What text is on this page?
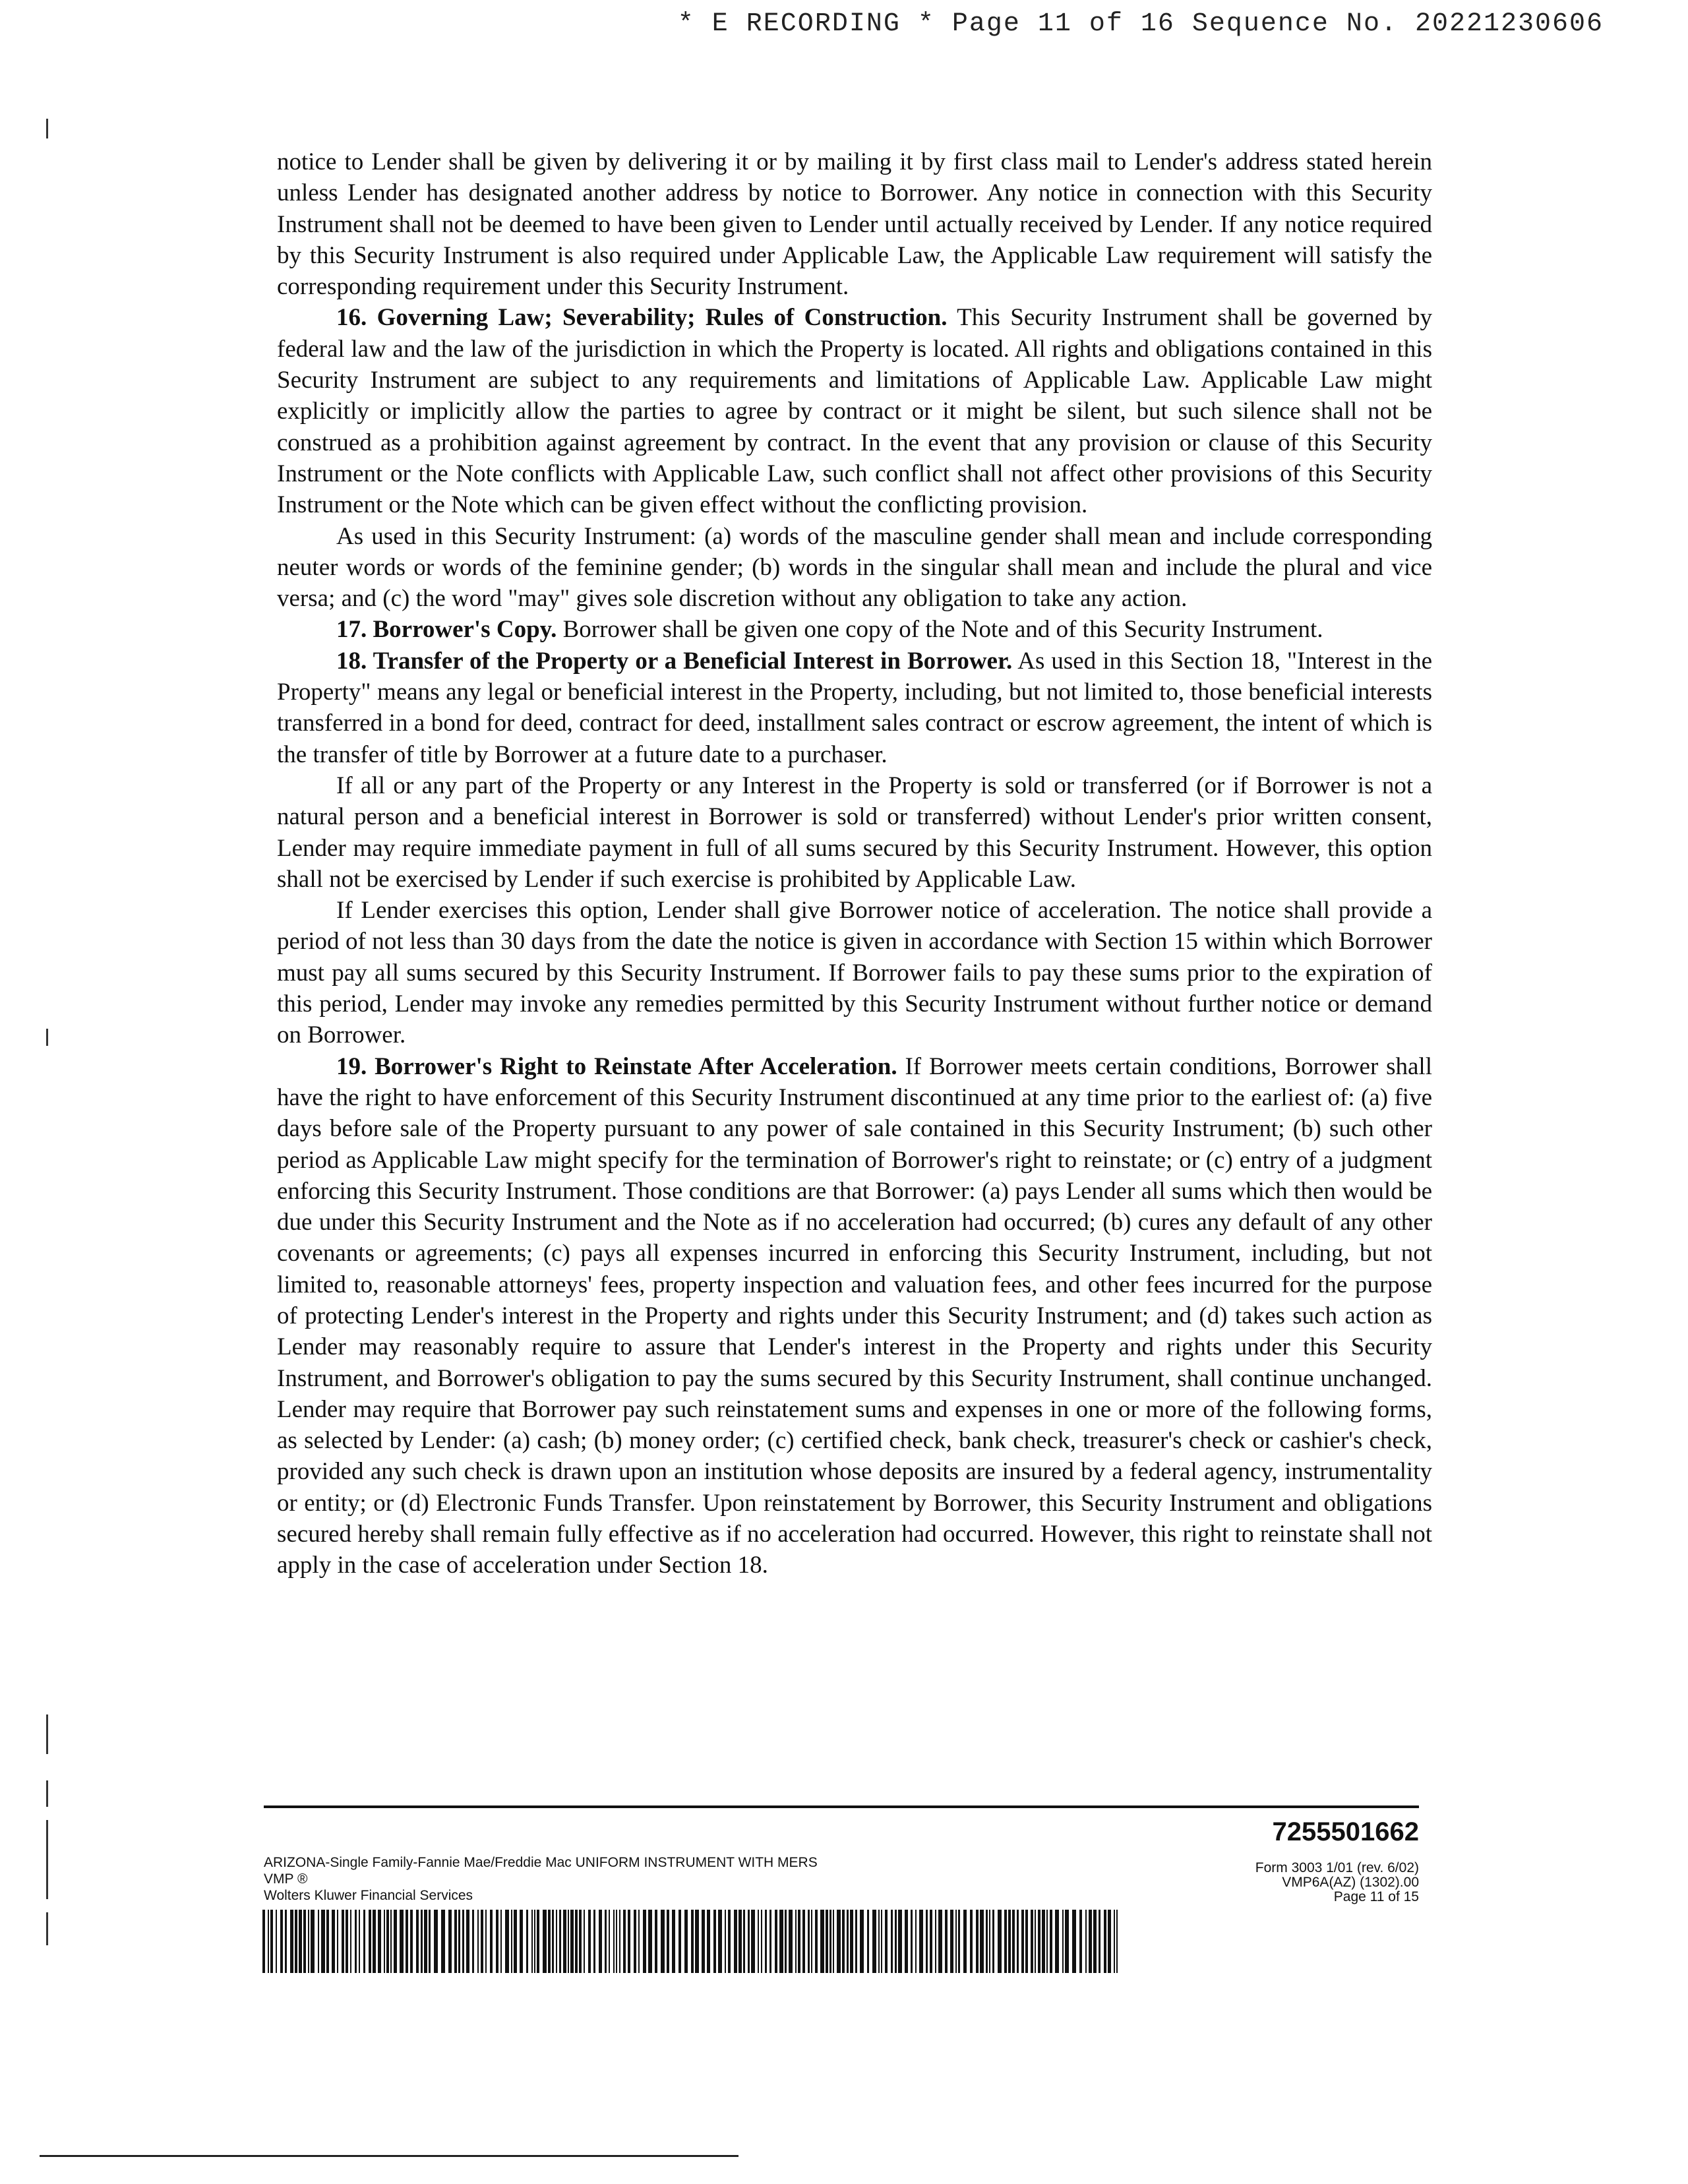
* E RECORDING * Page 11 of 16 Sequence No. 20221230606

notice to Lender shall be given by delivering it or by mailing it by first class mail to Lender's address stated herein unless Lender has designated another address by notice to Borrower. Any notice in connection with this Security Instrument shall not be deemed to have been given to Lender until actually received by Lender. If any notice required by this Security Instrument is also required under Applicable Law, the Applicable Law requirement will satisfy the corresponding requirement under this Security Instrument.

16. Governing Law; Severability; Rules of Construction. This Security Instrument shall be governed by federal law and the law of the jurisdiction in which the Property is located. All rights and obligations contained in this Security Instrument are subject to any requirements and limitations of Applicable Law. Applicable Law might explicitly or implicitly allow the parties to agree by contract or it might be silent, but such silence shall not be construed as a prohibition against agreement by contract. In the event that any provision or clause of this Security Instrument or the Note conflicts with Applicable Law, such conflict shall not affect other provisions of this Security Instrument or the Note which can be given effect without the conflicting provision.

As used in this Security Instrument: (a) words of the masculine gender shall mean and include corresponding neuter words or words of the feminine gender; (b) words in the singular shall mean and include the plural and vice versa; and (c) the word "may" gives sole discretion without any obligation to take any action.

17. Borrower's Copy. Borrower shall be given one copy of the Note and of this Security Instrument.

18. Transfer of the Property or a Beneficial Interest in Borrower. As used in this Section 18, "Interest in the Property" means any legal or beneficial interest in the Property, including, but not limited to, those beneficial interests transferred in a bond for deed, contract for deed, installment sales contract or escrow agreement, the intent of which is the transfer of title by Borrower at a future date to a purchaser.

If all or any part of the Property or any Interest in the Property is sold or transferred (or if Borrower is not a natural person and a beneficial interest in Borrower is sold or transferred) without Lender's prior written consent, Lender may require immediate payment in full of all sums secured by this Security Instrument. However, this option shall not be exercised by Lender if such exercise is prohibited by Applicable Law.

If Lender exercises this option, Lender shall give Borrower notice of acceleration. The notice shall provide a period of not less than 30 days from the date the notice is given in accordance with Section 15 within which Borrower must pay all sums secured by this Security Instrument. If Borrower fails to pay these sums prior to the expiration of this period, Lender may invoke any remedies permitted by this Security Instrument without further notice or demand on Borrower.

19. Borrower's Right to Reinstate After Acceleration. If Borrower meets certain conditions, Borrower shall have the right to have enforcement of this Security Instrument discontinued at any time prior to the earliest of: (a) five days before sale of the Property pursuant to any power of sale contained in this Security Instrument; (b) such other period as Applicable Law might specify for the termination of Borrower's right to reinstate; or (c) entry of a judgment enforcing this Security Instrument. Those conditions are that Borrower: (a) pays Lender all sums which then would be due under this Security Instrument and the Note as if no acceleration had occurred; (b) cures any default of any other covenants or agreements; (c) pays all expenses incurred in enforcing this Security Instrument, including, but not limited to, reasonable attorneys' fees, property inspection and valuation fees, and other fees incurred for the purpose of protecting Lender's interest in the Property and rights under this Security Instrument; and (d) takes such action as Lender may reasonably require to assure that Lender's interest in the Property and rights under this Security Instrument, and Borrower's obligation to pay the sums secured by this Security Instrument, shall continue unchanged. Lender may require that Borrower pay such reinstatement sums and expenses in one or more of the following forms, as selected by Lender: (a) cash; (b) money order; (c) certified check, bank check, treasurer's check or cashier's check, provided any such check is drawn upon an institution whose deposits are insured by a federal agency, instrumentality or entity; or (d) Electronic Funds Transfer. Upon reinstatement by Borrower, this Security Instrument and obligations secured hereby shall remain fully effective as if no acceleration had occurred. However, this right to reinstate shall not apply in the case of acceleration under Section 18.

7255501662
ARIZONA-Single Family-Fannie Mae/Freddie Mac UNIFORM INSTRUMENT WITH MERS
VMP ®
Wolters Kluwer Financial Services
Form 3003 1/01 (rev. 6/02)
VMP6A(AZ) (1302).00
Page 11 of 15
